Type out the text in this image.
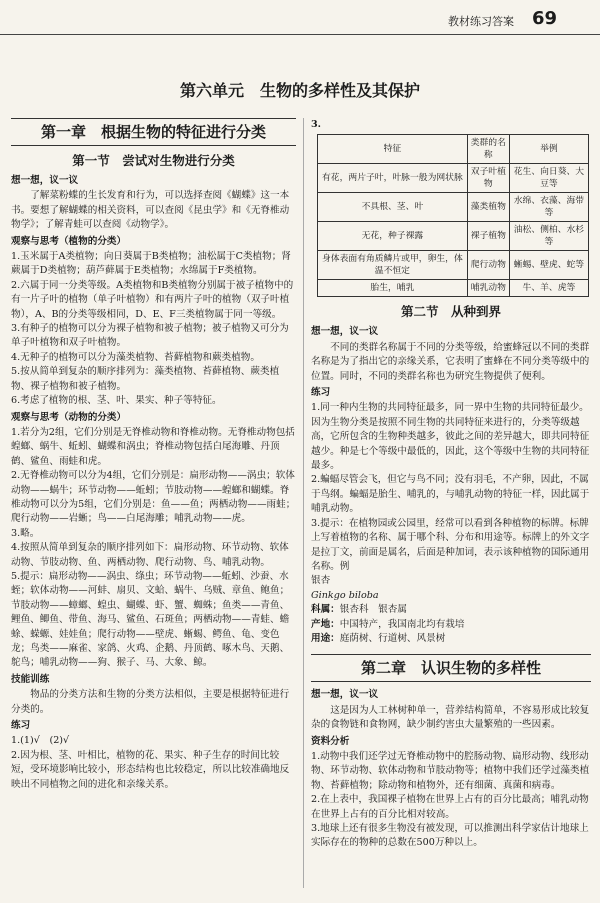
教材练习答案 69
第六单元　生物的多样性及其保护
第一章　根据生物的特征进行分类
第一节　尝试对生物进行分类
想一想，议一议

了解菜粉蝶的生长发育和行为，可以选择查阅《蝴蝶》这一本书。要想了解蝴蝶的相关资料，可以查阅《昆虫学》和《无脊椎动物学》；了解青蛙可以查阅《动物学》。

观察与思考（植物的分类）

1.玉米属于A类植物；向日葵属于B类植物；油松属于C类植物；肾蕨属于D类植物；葫芦藓属于E类植物；水绵属于F类植物。

2.六属于同一分类等级。A类植物和B类植物分别属于被子植物中的有一片子叶的植物（单子叶植物）和有两片子叶的植物（双子叶植物），A、B的分类等级相同，D、E、F三类植物属于同一等级。

3.有种子的植物可以分为裸子植物和被子植物；被子植物又可分为单子叶植物和双子叶植物。

4.无种子的植物可以分为藻类植物、苔藓植物和蕨类植物。

5.按从简单到复杂的顺序排列为：藻类植物、苔藓植物、蕨类植物、裸子植物和被子植物。

6.考虑了植物的根、茎、叶、果实、种子等特征。

观察与思考（动物的分类）

1.若分为2组，它们分别是无脊椎动物和脊椎动物。无脊椎动物包括蝗螂、蜗牛、蚯蚓、蝴蝶和涡虫；脊椎动物包括白尾海雕、丹顶鹤、鲨鱼、雨蛙和虎。

2.无脊椎动物可以分为4组，它们分别是：扁形动物——涡虫；软体动物——蜗牛；环节动物——蚯蚓；节肢动物——蝗螂和蝴蝶。脊椎动物可以分为5组，它们分别是：鱼——鱼；两栖动物——雨蛙；爬行动物——岩蜥；鸟——白尾海雕；哺乳动物——虎。

3.略。

4.按照从简单到复杂的顺序排列如下：扁形动物、环节动物、软体动物、节肢动物、鱼、两栖动物、爬行动物、鸟、哺乳动物。

5.提示：扁形动物——涡虫、绦虫；环节动物——蚯蚓、沙蚕、水蛭；软体动物——河蚌、扇贝、文蛤、蜗牛、乌贼、章鱼、鲍鱼；节肢动物——蟑螂、蝗虫、蝴蝶、虾、蟹、蜘蛛；鱼类——青鱼、鲤鱼、鲫鱼、带鱼、海马、鲨鱼、石斑鱼；两栖动物——青蛙、蟾蜍、蝾螈、娃娃鱼；爬行动物——壁虎、蜥蜴、鳄鱼、龟、变色龙；鸟类——麻雀、家鸽、火鸡、企鹅、丹顶鹤、啄木鸟、天鹅、鸵鸟；哺乳动物——狗、猴子、马、大象、鲸。

技能训练

物品的分类方法和生物的分类方法相似，主要是根据特征进行分类的。

练习

1.(1)√　(2)√

2.因为根、茎、叶相比，植物的花、果实、种子生存的时间比较短，受环境影响比较小，形态结构也比较稳定，所以比较准确地反映出不同植物之间的进化和亲缘关系。

3.
特征	类群的名称	举例
有花，两片子叶，叶脉一般为网状脉	双子叶植物	花生、向日葵、大豆等
不具根、茎、叶	藻类植物	水绵、衣藻、海带等
无花，种子裸露	裸子植物	油松、侧柏、水杉等
身体表面有角质鳞片或甲，卵生，体温不恒定	爬行动物	蜥蜴、壁虎、蛇等
胎生，哺乳	哺乳动物	牛、羊、虎等
第二节　从种到界
想一想，议一议

不同的类群名称属于不同的分类等级，给蜜蜂冠以不同的类群名称是为了指出它的亲缘关系，它表明了蜜蜂在不同分类等级中的位置。同时，不同的类群名称也为研究生物提供了便利。

练习

1.同一种内生物的共同特征最多，同一界中生物的共同特征最少。因为生物分类是按照不同生物的共同特征来进行的，分类等级越高，它所包含的生物种类越多，彼此之间的差异越大，即共同特征越少。种是七个等级中最低的，因此，这个等级中生物的共同特征最多。

2.蝙蝠尽管会飞，但它与鸟不同；没有羽毛，不产卵，因此，不属于鸟纲。蝙蝠是胎生、哺乳的，与哺乳动物的特征一样，因此属于哺乳动物。

3.提示：在植物园或公园里，经常可以看到各种植物的标牌。标牌上写着植物的名称、属于哪个科、分布和用途等。标牌上的外文字是拉丁文，前面是属名，后面是种加词，表示该种植物的国际通用名称。例

银杏

Ginkgo biloba

科属：银杏科　银杏属

产地：中国特产，我国南北均有栽培

用途：庭荫树、行道树、风景树

第二章　认识生物的多样性
想一想，议一议

这是因为人工林树种单一，营养结构简单，不容易形成比较复杂的食物链和食物网，缺少制约害虫大量繁殖的一些因素。

资料分析

1.动物中我们还学过无脊椎动物中的腔肠动物、扁形动物、线形动物、环节动物、软体动物和节肢动物等；植物中我们还学过藻类植物、苔藓植物；除动物和植物外，还有细菌、真菌和病毒。

2.在上表中，我国裸子植物在世界上占有的百分比最高；哺乳动物在世界上占有的百分比相对较高。

3.地球上还有很多生物没有被发现，可以推测出科学家估计地球上实际存在的物种的总数在500万种以上。
